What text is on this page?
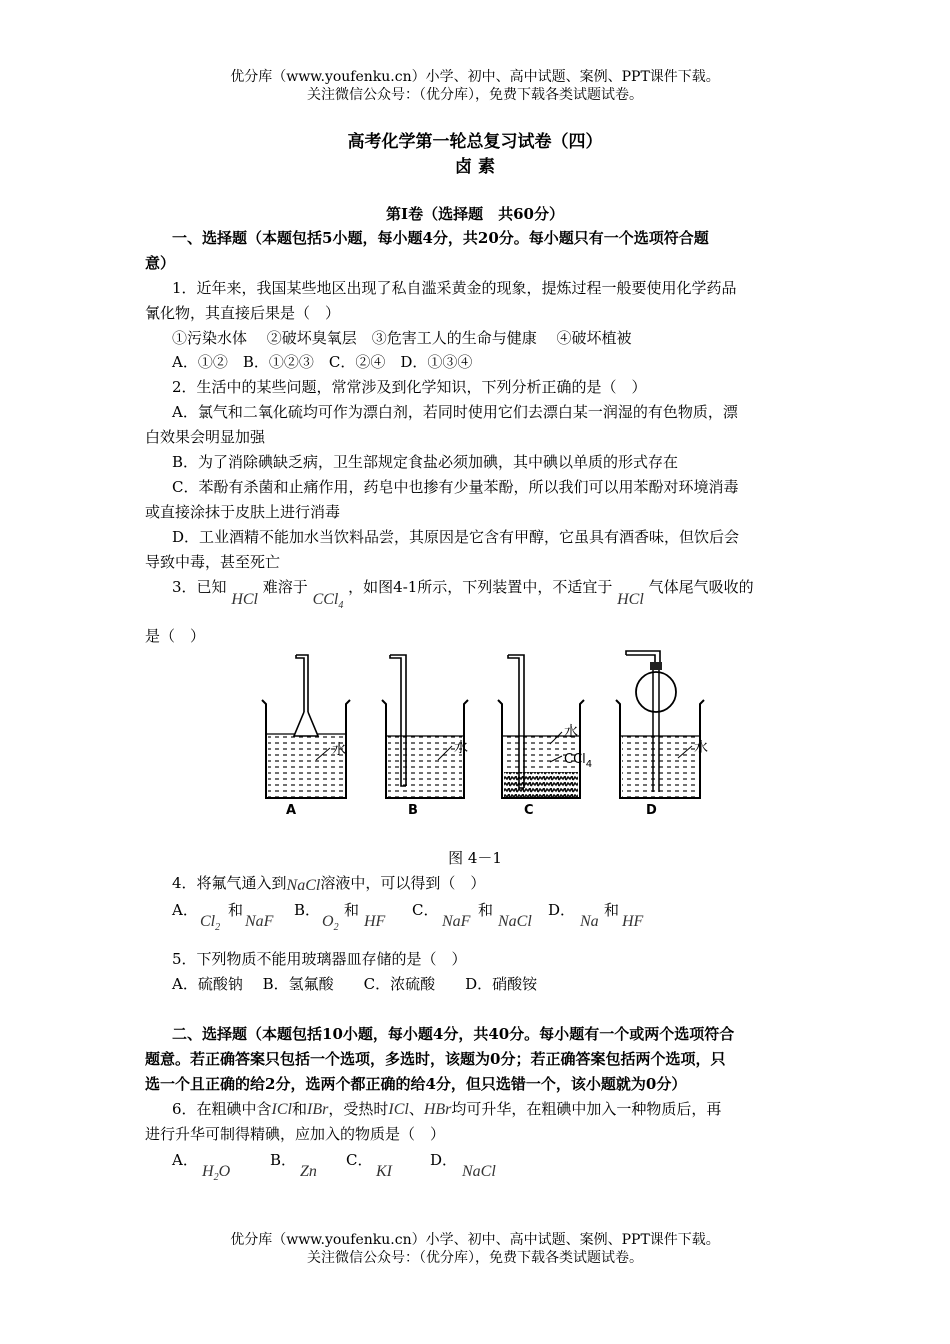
优分库（www.youfenku.cn）小学、初中、高中试题、案例、PPT课件下载。
关注微信公众号：（优分库），免费下载各类试题试卷。
高考化学第一轮总复习试卷（四）
卤 素
第Ⅰ卷（选择题　共60分）
一、选择题（本题包括5小题，每小题4分，共20分。每小题只有一个选项符合题
意）
1．近年来，我国某些地区出现了私自滥采黄金的现象，提炼过程一般要使用化学药品
氰化物，其直接后果是（　）
①污染水体　 ②破坏臭氧层　③危害工人的生命与健康　 ④破坏植被
A．①②　B．①②③　C．②④　D．①③④
2．生活中的某些问题，常常涉及到化学知识，下列分析正确的是（　）
A．氯气和二氧化硫均可作为漂白剂，若同时使用它们去漂白某一润湿的有色物质，漂
白效果会明显加强
B．为了消除碘缺乏病，卫生部规定食盐必须加碘，其中碘以单质的形式存在
C．苯酚有杀菌和止痛作用，药皂中也掺有少量苯酚，所以我们可以用苯酚对环境消毒
或直接涂抹于皮肤上进行消毒
D．工业酒精不能加水当饮料品尝，其原因是它含有甲醇，它虽具有酒香味，但饮后会
导致中毒，甚至死亡
3．已知 HCl 难溶于 CCl$_4$ ，如图4-1所示，下列装置中，不适宜于 HCl 气体尾气吸收的
是（　）
水
A
水
B
水
CCl$_4$
C
水
D
图 4－1
4．将氟气通入到NaCl溶液中，可以得到（　）
A．
$Cl_2$
和
NaF
B．
$O_2$
和
HF
C．
NaF
和
NaCl
D．
Na
和
HF
5．下列物质不能用玻璃器皿存储的是（　）
A．硫酸钠　 B．氢氟酸　　C．浓硫酸　　D．硝酸铵
二、选择题（本题包括10小题，每小题4分，共40分。每小题有一个或两个选项符合
题意。若正确答案只包括一个选项，多选时，该题为0分；若正确答案包括两个选项，只
选一个且正确的给2分，选两个都正确的给4分，但只选错一个，该小题就为0分）
6．在粗碘中含ICl和IBr，受热时ICl、HBr均可升华，在粗碘中加入一种物质后，再
进行升华可制得精碘，应加入的物质是（　）
A．
$H_2O$
B．
Zn
C．
KI
D．
NaCl
优分库（www.youfenku.cn）小学、初中、高中试题、案例、PPT课件下载。
关注微信公众号：（优分库），免费下载各类试题试卷。
